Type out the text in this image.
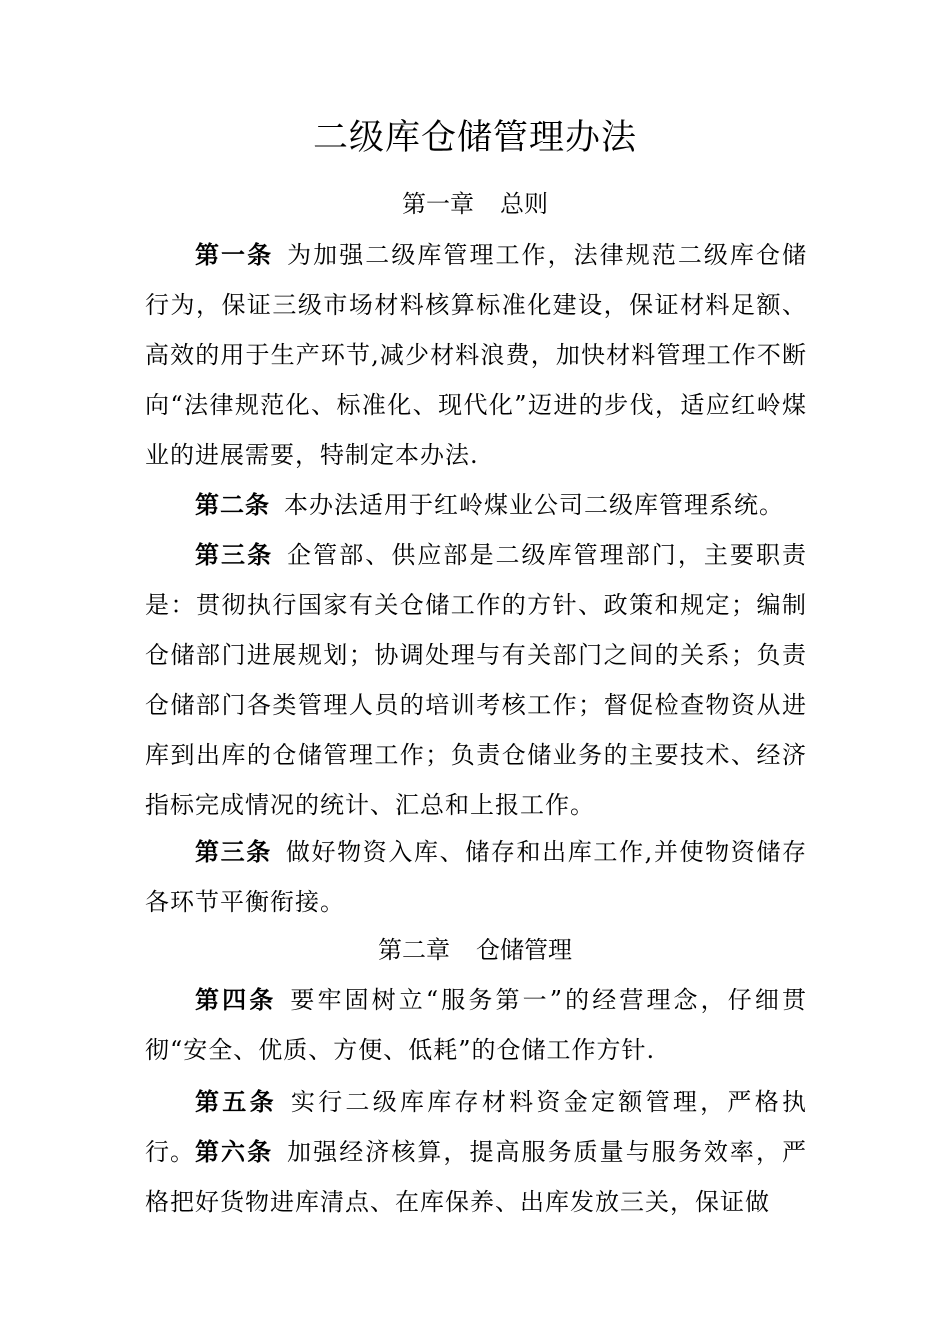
二级库仓储管理办法
第一章 总则
第一条 为加强二级库管理工作，法律规范二级库仓储行为，保证三级市场材料核算标准化建设，保证材料足额、高效的用于生产环节,减少材料浪费，加快材料管理工作不断向“法律规范化、标准化、现代化”迈进的步伐，适应红岭煤业的进展需要，特制定本办法.
第二条 本办法适用于红岭煤业公司二级库管理系统。
第三条 企管部、供应部是二级库管理部门，主要职责是：贯彻执行国家有关仓储工作的方针、政策和规定；编制仓储部门进展规划；协调处理与有关部门之间的关系；负责仓储部门各类管理人员的培训考核工作；督促检查物资从进库到出库的仓储管理工作；负责仓储业务的主要技术、经济指标完成情况的统计、汇总和上报工作。
第三条 做好物资入库、储存和出库工作,并使物资储存各环节平衡衔接。
第二章 仓储管理
第四条 要牢固树立“服务第一”的经营理念，仔细贯彻“安全、优质、方便、低耗”的仓储工作方针.
第五条 实行二级库库存材料资金定额管理，严格执行。 第六条 加强经济核算，提高服务质量与服务效率，严格把好货物进库清点、在库保养、出库发放三关，保证做
